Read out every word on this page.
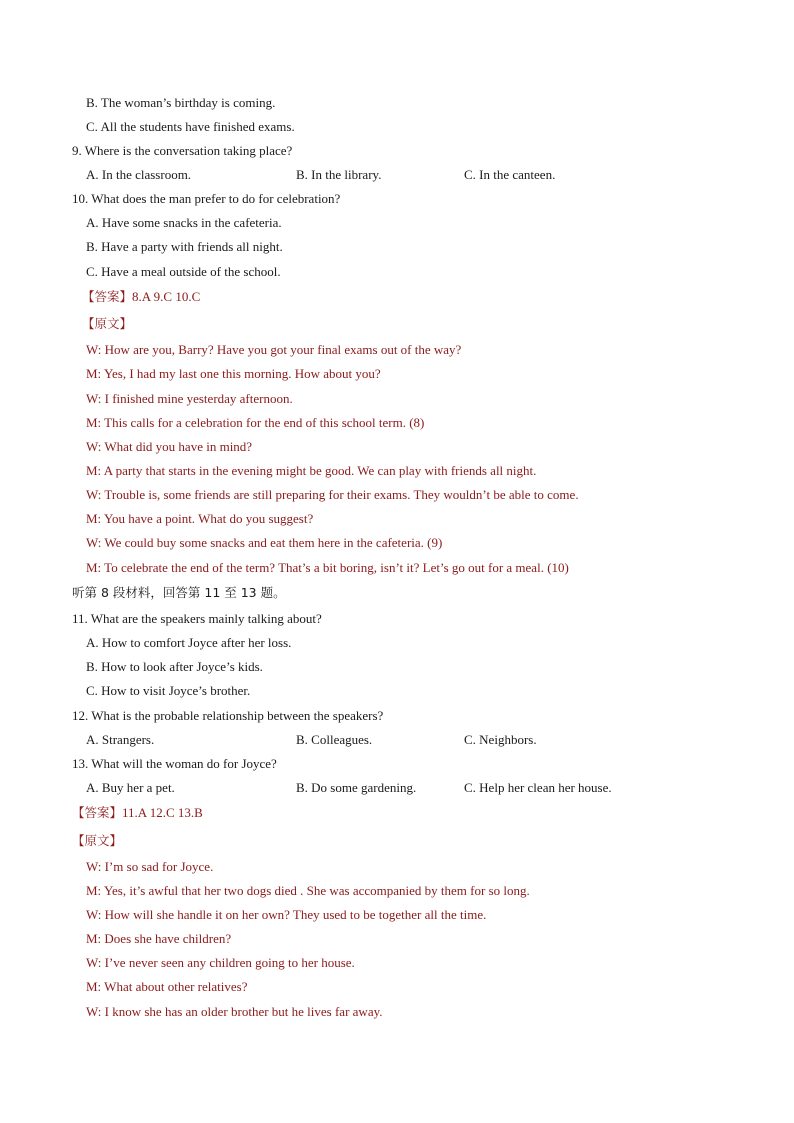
B. The woman’s birthday is coming.
C. All the students have finished exams.
9. Where is the conversation taking place?
A. In the classroom.	B. In the library.	C. In the canteen.
10. What does the man prefer to do for celebration?
A. Have some snacks in the cafeteria.
B. Have a party with friends all night.
C. Have a meal outside of the school.
【答案】8.A 9.C 10.C
【原文】
W: How are you, Barry? Have you got your final exams out of the way?
M: Yes, I had my last one this morning. How about you?
W: I finished mine yesterday afternoon.
M: This calls for a celebration for the end of this school term. (8)
W: What did you have in mind?
M: A party that starts in the evening might be good. We can play with friends all night.
W: Trouble is, some friends are still preparing for their exams. They wouldn’t be able to come.
M: You have a point. What do you suggest?
W: We could buy some snacks and eat them here in the cafeteria. (9)
M: To celebrate the end of the term? That’s a bit boring, isn’t it? Let’s go out for a meal. (10)
听第 8 段材料，回答第 11 至 13 题。
11. What are the speakers mainly talking about?
A. How to comfort Joyce after her loss.
B. How to look after Joyce’s kids.
C. How to visit Joyce’s brother.
12. What is the probable relationship between the speakers?
A. Strangers.	B. Colleagues.	C. Neighbors.
13. What will the woman do for Joyce?
A. Buy her a pet.	B. Do some gardening.	C. Help her clean her house.
【答案】11.A 12.C 13.B
【原文】
W: I’m so sad for Joyce.
M: Yes, it’s awful that her two dogs died . She was accompanied by them for so long.
W: How will she handle it on her own? They used to be together all the time.
M: Does she have children?
W: I’ve never seen any children going to her house.
M: What about other relatives?
W: I know she has an older brother but he lives far away.
